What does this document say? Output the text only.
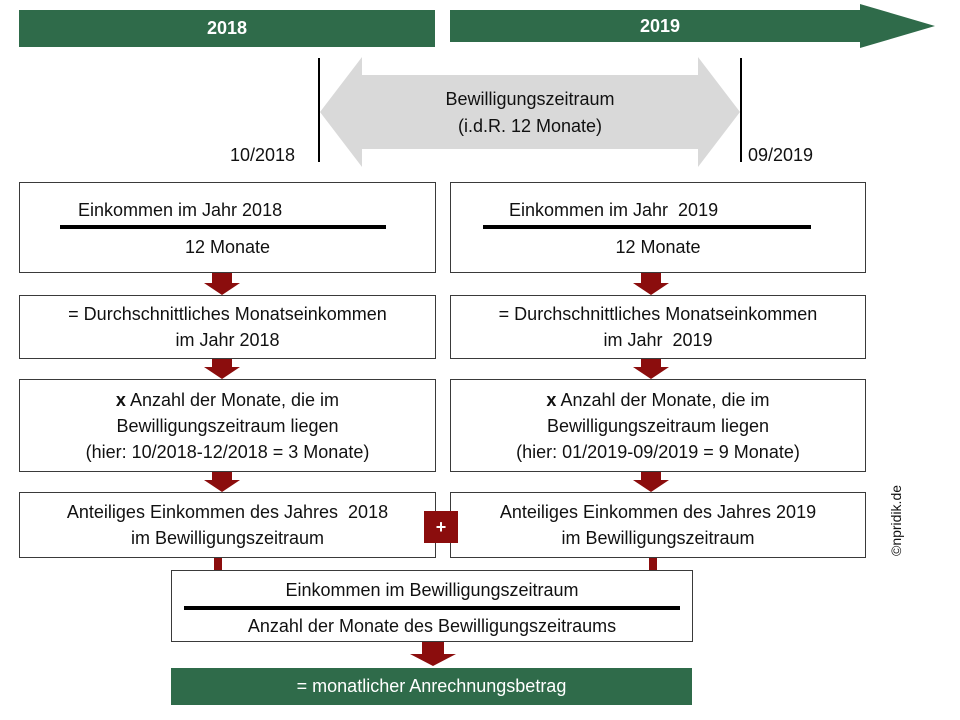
2018	2019
Bewilligungszeitraum
(i.d.R. 12 Monate)
10/2018	09/2019
Einkommen im Jahr 2018
12 Monate
= Durchschnittliches Monatseinkommen
im Jahr 2018
x Anzahl der Monate, die im
Bewilligungszeitraum liegen
(hier: 10/2018-12/2018 = 3 Monate)
Anteiliges Einkommen des Jahres 2018
im Bewilligungszeitraum
Einkommen im Jahr  2019
12 Monate
= Durchschnittliches Monatseinkommen
im Jahr  2019
x Anzahl der Monate, die im
Bewilligungszeitraum liegen
(hier: 01/2019-09/2019 = 9 Monate)
Anteiliges Einkommen des Jahres 2019
im Bewilligungszeitraum
+
Einkommen im Bewilligungszeitraum
Anzahl der Monate des Bewilligungszeitraums
= monatlicher Anrechnungsbetrag
©npridik.de
